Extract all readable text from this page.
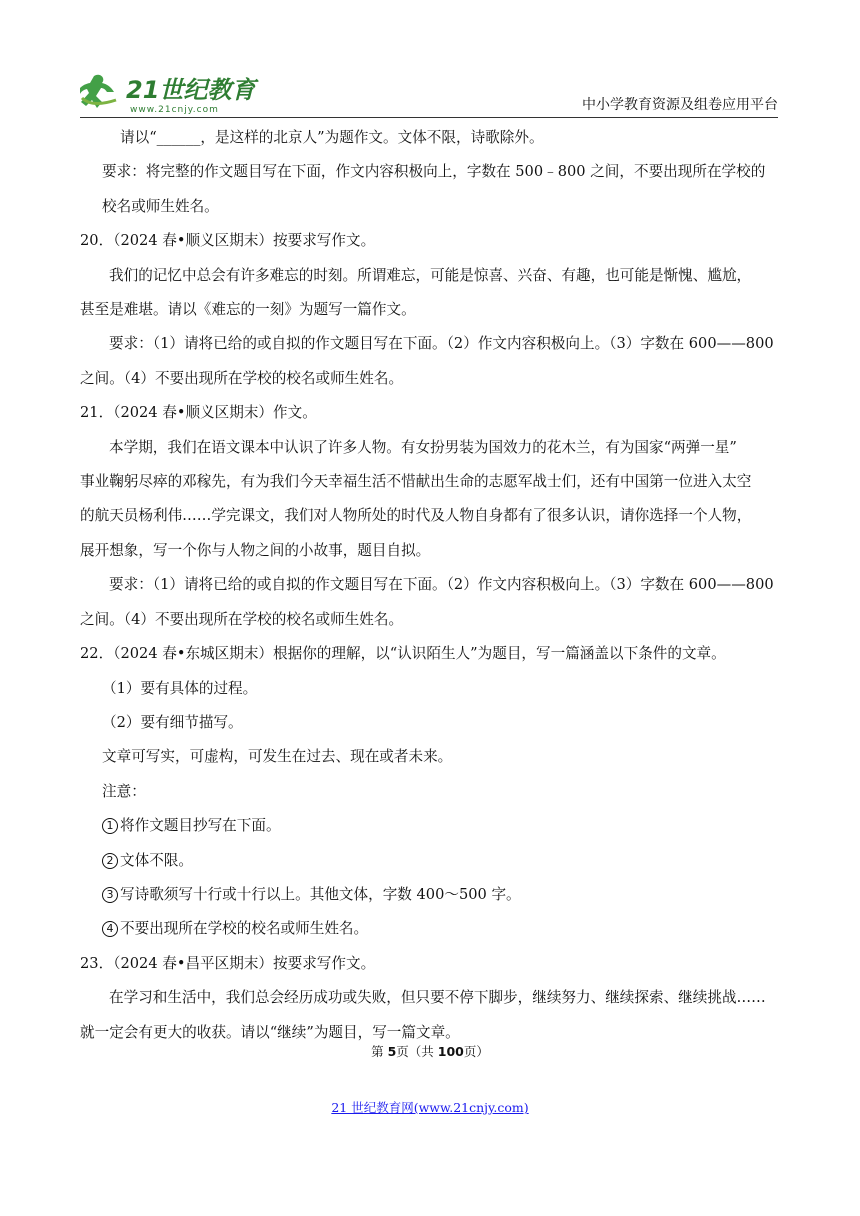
21世纪教育
www.21cnjy.com	中小学教育资源及组卷应用平台

请以“______，是这样的北京人”为题作文。文体不限，诗歌除外。

要求：将完整的作文题目写在下面，作文内容积极向上，字数在 500﹣800 之间，不要出现所在学校的

校名或师生姓名。

20．（2024 春•顺义区期末）按要求写作文。

我们的记忆中总会有许多难忘的时刻。所谓难忘，可能是惊喜、兴奋、有趣，也可能是惭愧、尴尬，

甚至是难堪。请以《难忘的一刻》为题写一篇作文。

要求：（1）请将已给的或自拟的作文题目写在下面。（2）作文内容积极向上。（3）字数在 600——800

之间。（4）不要出现所在学校的校名或师生姓名。

21．（2024 春•顺义区期末）作文。

本学期，我们在语文课本中认识了许多人物。有女扮男装为国效力的花木兰，有为国家“两弹一星”

事业鞠躬尽瘁的邓稼先，有为我们今天幸福生活不惜献出生命的志愿军战士们，还有中国第一位进入太空

的航天员杨利伟……学完课文，我们对人物所处的时代及人物自身都有了很多认识，请你选择一个人物，

展开想象，写一个你与人物之间的小故事，题目自拟。

要求：（1）请将已给的或自拟的作文题目写在下面。（2）作文内容积极向上。（3）字数在 600——800

之间。（4）不要出现所在学校的校名或师生姓名。

22．（2024 春•东城区期末）根据你的理解，以“认识陌生人”为题目，写一篇涵盖以下条件的文章。

（1）要有具体的过程。

（2）要有细节描写。

文章可写实，可虚构，可发生在过去、现在或者未来。

注意：

1 将作文题目抄写在下面。

2 文体不限。

3 写诗歌须写十行或十行以上。其他文体，字数 400～500 字。

4 不要出现所在学校的校名或师生姓名。

23．（2024 春•昌平区期末）按要求写作文。

在学习和生活中，我们总会经历成功或失败，但只要不停下脚步，继续努力、继续探索、继续挑战……

就一定会有更大的收获。请以“继续”为题目，写一篇文章。

第 5页（共 100页）
21 世纪教育网(www.21cnjy.com)
